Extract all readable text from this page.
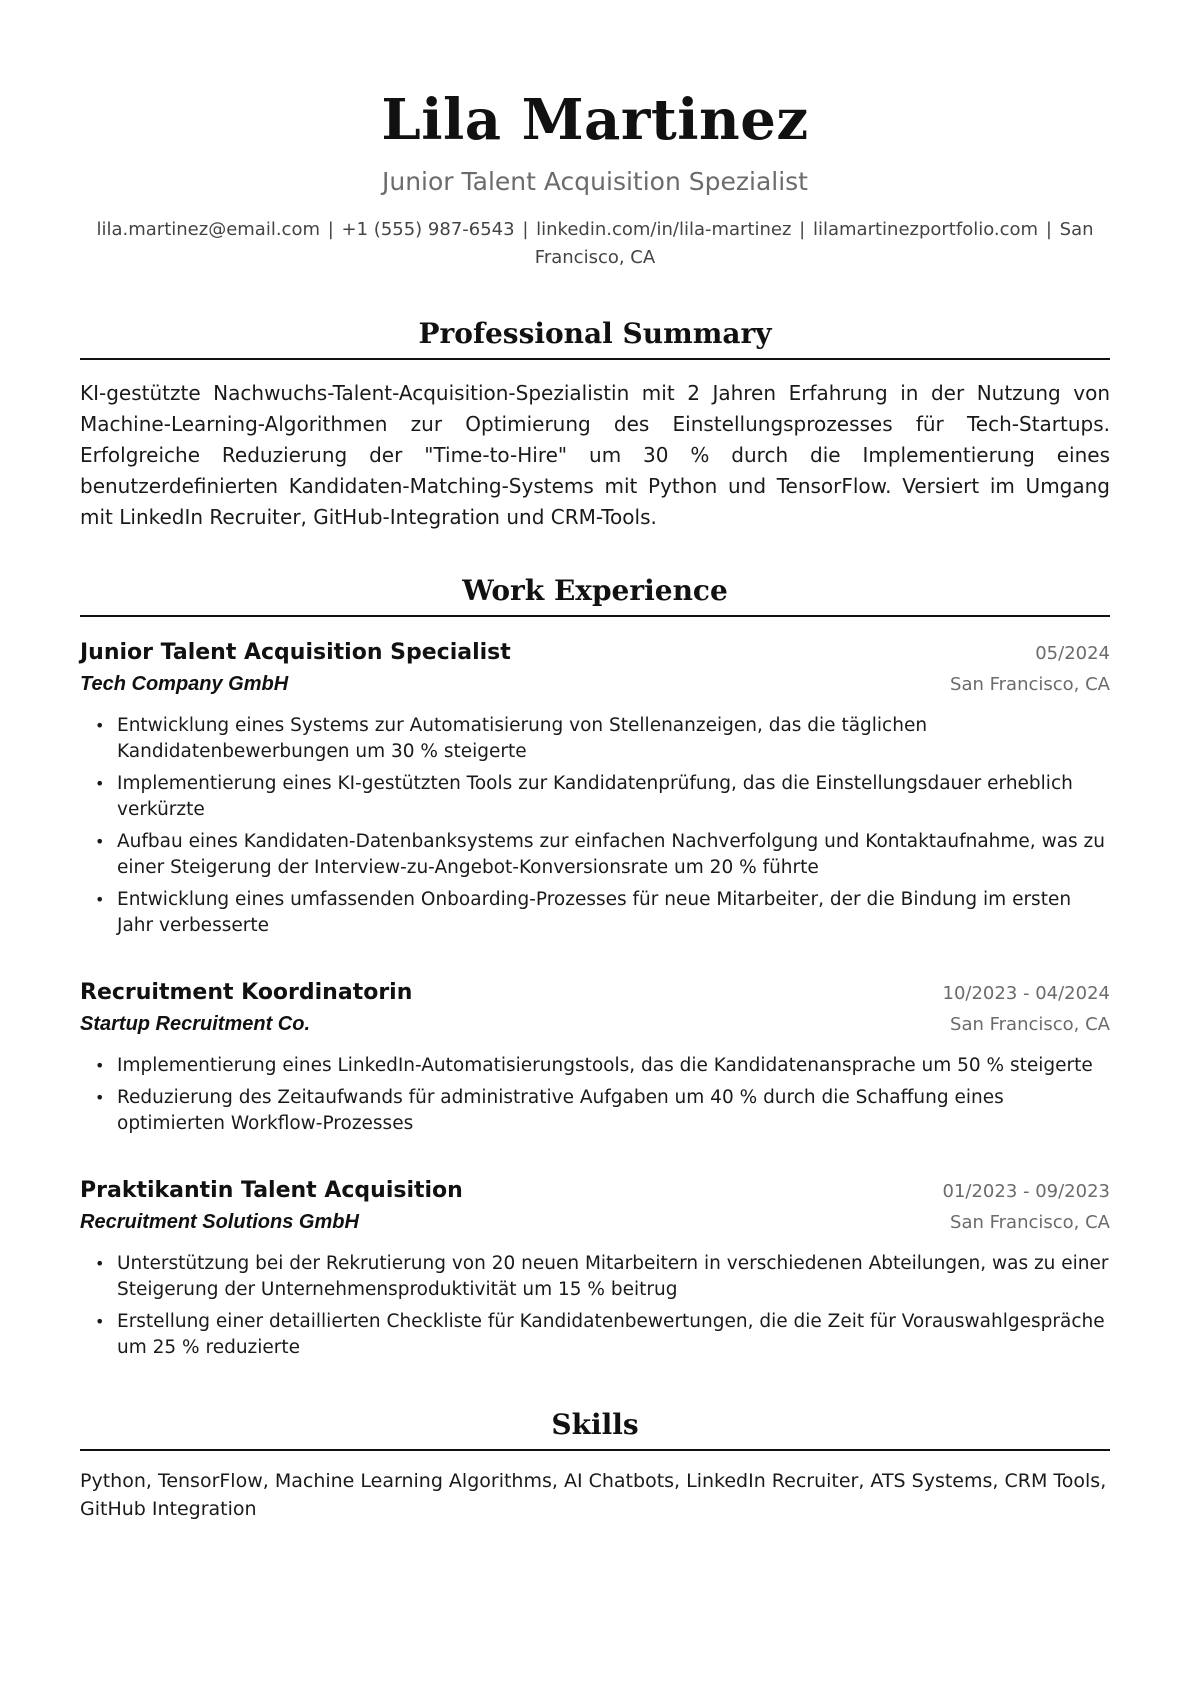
Lila Martinez
Junior Talent Acquisition Spezialist
lila.martinez@email.com | +1 (555) 987-6543 | linkedin.com/in/lila-martinez | lilamartinezportfolio.com | San Francisco, CA
Professional Summary

KI-gestützte Nachwuchs-Talent-Acquisition-Spezialistin mit 2 Jahren Erfahrung in der Nutzung von Machine-Learning-Algorithmen zur Optimierung des Einstellungsprozesses für Tech-Startups. Erfolgreiche Reduzierung der "Time-to-Hire" um 30 % durch die Implementierung eines benutzerdefinierten Kandidaten-Matching-Systems mit Python und TensorFlow. Versiert im Umgang mit LinkedIn Recruiter, GitHub-Integration und CRM-Tools.

Work Experience
Junior Talent Acquisition Specialist	05/2024
Tech Company GmbH	San Francisco, CA
• Entwicklung eines Systems zur Automatisierung von Stellenanzeigen, das die täglichen Kandidatenbewerbungen um 30 % steigerte
• Implementierung eines KI-gestützten Tools zur Kandidatenprüfung, das die Einstellungsdauer erheblich verkürzte
• Aufbau eines Kandidaten-Datenbanksystems zur einfachen Nachverfolgung und Kontaktaufnahme, was zu einer Steigerung der Interview-zu-Angebot-Konversionsrate um 20 % führte
• Entwicklung eines umfassenden Onboarding-Prozesses für neue Mitarbeiter, der die Bindung im ersten Jahr verbesserte
Recruitment Koordinatorin	10/2023 - 04/2024
Startup Recruitment Co.	San Francisco, CA
• Implementierung eines LinkedIn-Automatisierungstools, das die Kandidatenansprache um 50 % steigerte
• Reduzierung des Zeitaufwands für administrative Aufgaben um 40 % durch die Schaffung eines optimierten Workflow-Prozesses
Praktikantin Talent Acquisition	01/2023 - 09/2023
Recruitment Solutions GmbH	San Francisco, CA
• Unterstützung bei der Rekrutierung von 20 neuen Mitarbeitern in verschiedenen Abteilungen, was zu einer Steigerung der Unternehmensproduktivität um 15 % beitrug
• Erstellung einer detaillierten Checkliste für Kandidatenbewertungen, die die Zeit für Vorauswahlgespräche um 25 % reduzierte
Skills

Python, TensorFlow, Machine Learning Algorithms, AI Chatbots, LinkedIn Recruiter, ATS Systems, CRM Tools, GitHub Integration
